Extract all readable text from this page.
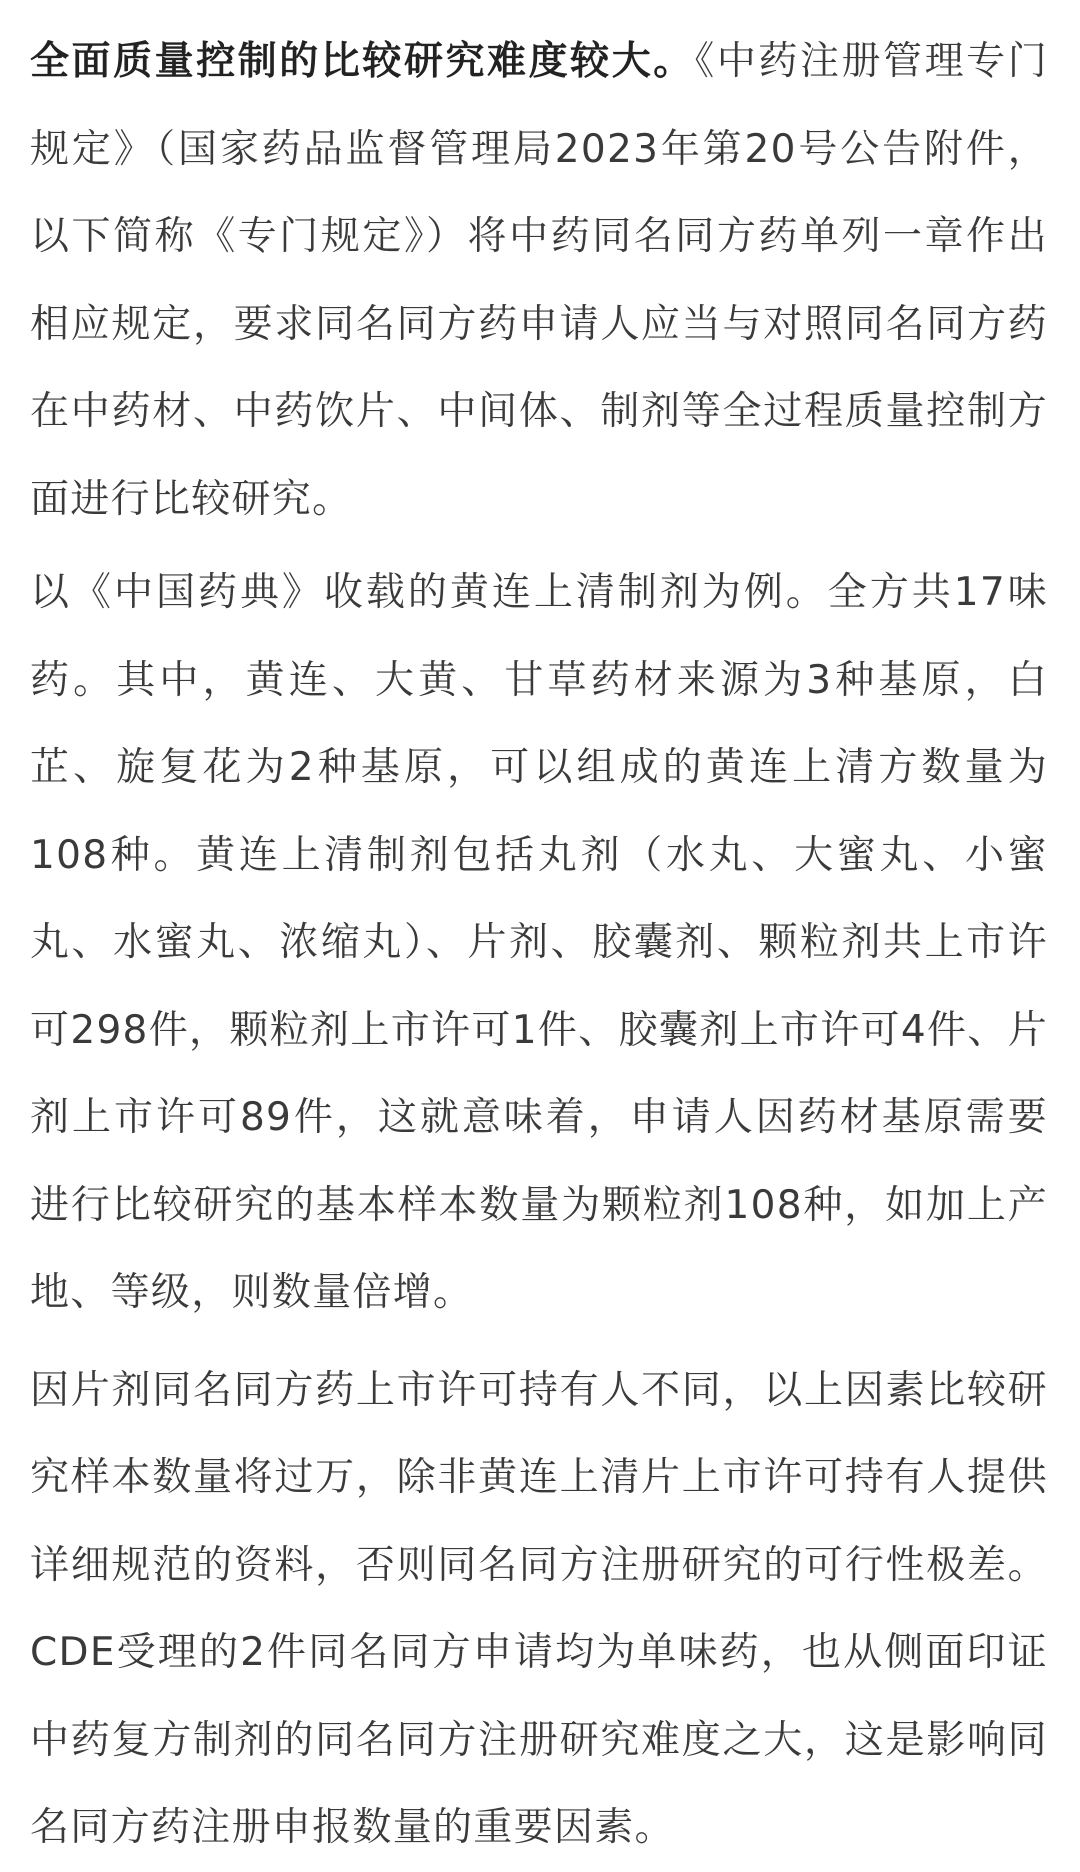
全面质量控制的比较研究难度较大。《中药注册管理专门规定》（国家药品监督管理局2023年第20号公告附件，以下简称《专门规定》）将中药同名同方药单列一章作出相应规定，要求同名同方药申请人应当与对照同名同方药在中药材、中药饮片、中间体、制剂等全过程质量控制方面进行比较研究。

以《中国药典》收载的黄连上清制剂为例。全方共17味药。其中，黄连、大黄、甘草药材来源为3种基原，白芷、旋复花为2种基原，可以组成的黄连上清方数量为108种。黄连上清制剂包括丸剂（水丸、大蜜丸、小蜜丸、水蜜丸、浓缩丸）、片剂、胶囊剂、颗粒剂共上市许可298件，颗粒剂上市许可1件、胶囊剂上市许可4件、片剂上市许可89件，这就意味着，申请人因药材基原需要进行比较研究的基本样本数量为颗粒剂108种，如加上产地、等级，则数量倍增。

因片剂同名同方药上市许可持有人不同，以上因素比较研究样本数量将过万，除非黄连上清片上市许可持有人提供详细规范的资料，否则同名同方注册研究的可行性极差。CDE受理的2件同名同方申请均为单味药，也从侧面印证中药复方制剂的同名同方注册研究难度之大，这是影响同名同方药注册申报数量的重要因素。
